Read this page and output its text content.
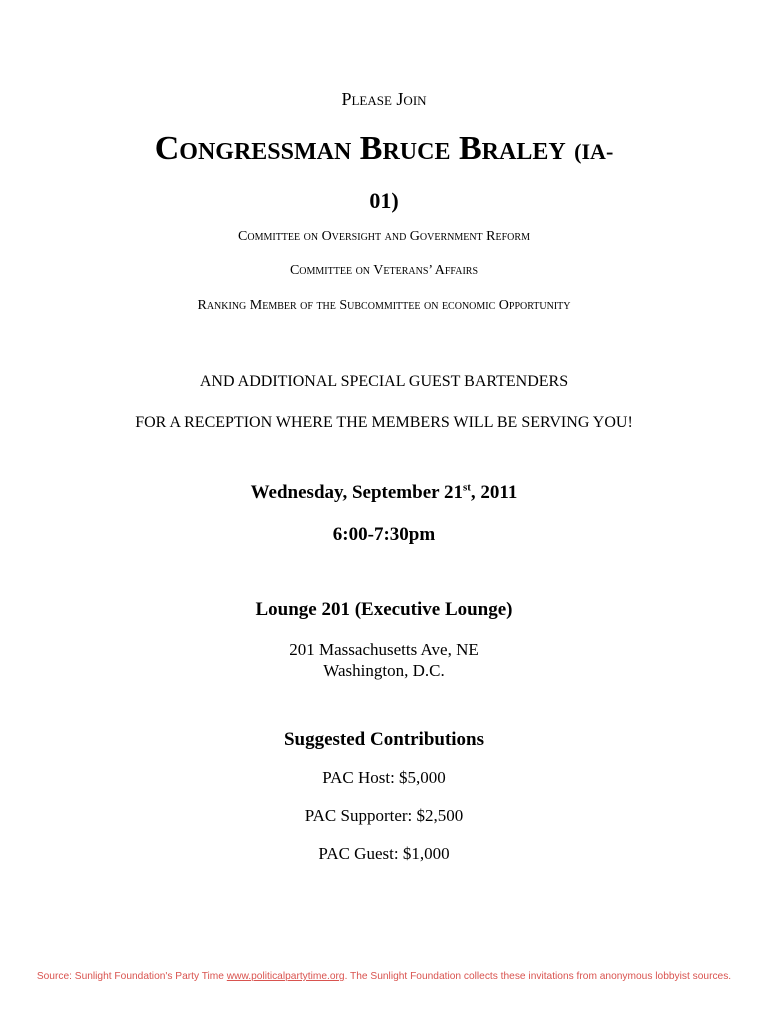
Please Join
Congressman Bruce Braley (IA-
01)
Committee on Oversight and Government Reform
Committee on Veterans’ Affairs
Ranking Member of the Subcommittee on economic Opportunity
AND ADDITIONAL SPECIAL GUEST BARTENDERS
FOR A RECEPTION WHERE THE MEMBERS WILL BE SERVING YOU!
Wednesday, September 21st, 2011
6:00-7:30pm
Lounge 201 (Executive Lounge)
201 Massachusetts Ave, NE
Washington, D.C.
Suggested Contributions
PAC Host: $5,000
PAC Supporter: $2,500
PAC Guest: $1,000
Source: Sunlight Foundation's Party Time www.politicalpartytime.org. The Sunlight Foundation collects these invitations from anonymous lobbyist sources.
